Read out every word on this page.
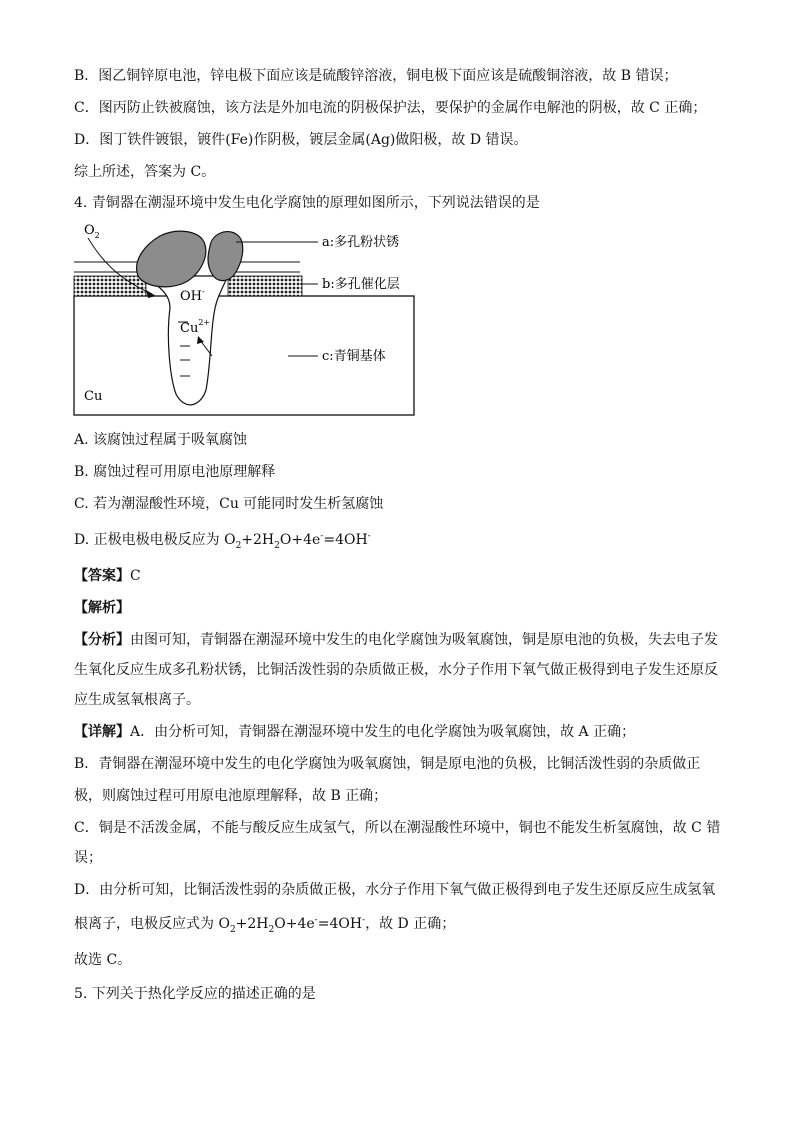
B．图乙铜锌原电池，锌电极下面应该是硫酸锌溶液，铜电极下面应该是硫酸铜溶液，故 B 错误；
C．图丙防止铁被腐蚀，该方法是外加电流的阴极保护法，要保护的金属作电解池的阴极，故 C 正确；
D．图丁铁件镀银，镀件(Fe)作阴极，镀层金属(Ag)做阳极，故 D 错误。
综上所述，答案为 C。
4. 青铜器在潮湿环境中发生电化学腐蚀的原理如图所示，下列说法错误的是
$O_2$
OH-
$Cu^{2+}$
Cu
a:多孔粉状锈
b:多孔催化层
c:青铜基体
A. 该腐蚀过程属于吸氧腐蚀
B. 腐蚀过程可用原电池原理解释
C. 若为潮湿酸性环境，Cu 可能同时发生析氢腐蚀
D. 正极电极电极反应为 $O_2+2H_2O+4e^-=4OH^-$
【答案】C
【解析】
【分析】由图可知，青铜器在潮湿环境中发生的电化学腐蚀为吸氧腐蚀，铜是原电池的负极，失去电子发
生氧化反应生成多孔粉状锈，比铜活泼性弱的杂质做正极，水分子作用下氧气做正极得到电子发生还原反
应生成氢氧根离子。
【详解】A．由分析可知，青铜器在潮湿环境中发生的电化学腐蚀为吸氧腐蚀，故 A 正确；
B．青铜器在潮湿环境中发生的电化学腐蚀为吸氧腐蚀，铜是原电池的负极，比铜活泼性弱的杂质做正
极，则腐蚀过程可用原电池原理解释，故 B 正确；
C．铜是不活泼金属，不能与酸反应生成氢气，所以在潮湿酸性环境中，铜也不能发生析氢腐蚀，故 C 错
误；
D．由分析可知，比铜活泼性弱的杂质做正极，水分子作用下氧气做正极得到电子发生还原反应生成氢氧
根离子，电极反应式为 $O_2+2H_2O+4e^-=4OH^-$，故 D 正确；
故选 C。
5. 下列关于热化学反应的描述正确的是
